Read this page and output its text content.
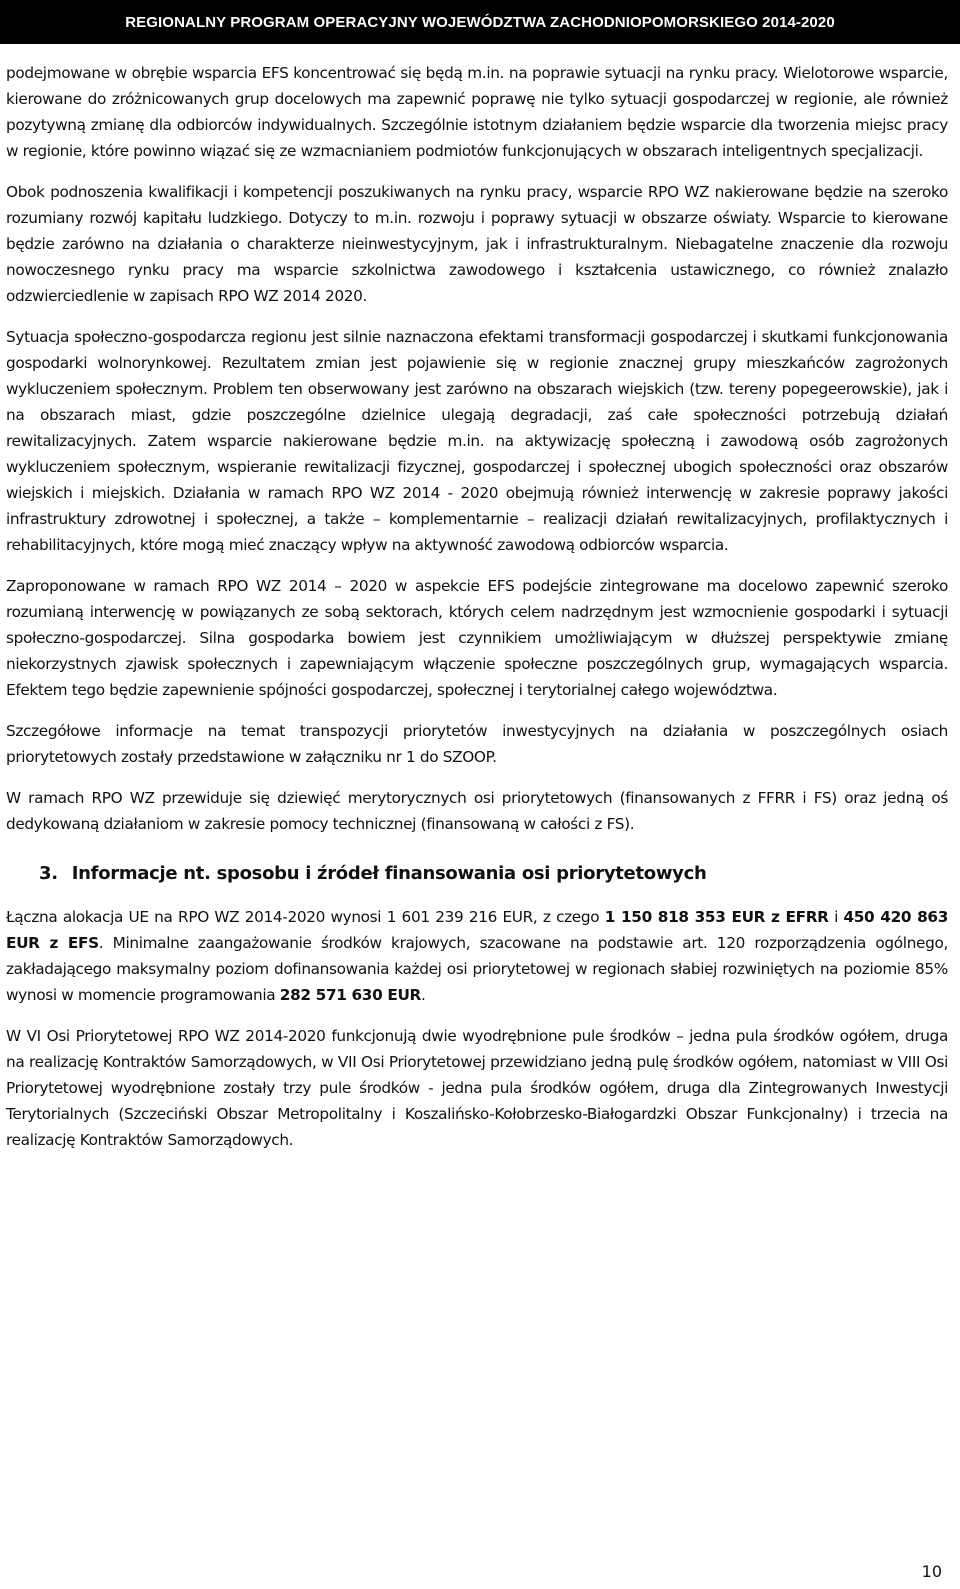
REGIONALNY PROGRAM OPERACYJNY WOJEWÓDZTWA ZACHODNIOPOMORSKIEGO 2014-2020

podejmowane w obrębie wsparcia EFS koncentrować się będą m.in. na poprawie sytuacji na rynku pracy. Wielotorowe wsparcie, kierowane do zróżnicowanych grup docelowych ma zapewnić poprawę nie tylko sytuacji gospodarczej w regionie, ale również pozytywną zmianę dla odbiorców indywidualnych. Szczególnie istotnym działaniem będzie wsparcie dla tworzenia miejsc pracy w regionie, które powinno wiązać się ze wzmacnianiem podmiotów funkcjonujących w obszarach inteligentnych specjalizacji.

Obok podnoszenia kwalifikacji i kompetencji poszukiwanych na rynku pracy, wsparcie RPO WZ nakierowane będzie na szeroko rozumiany rozwój kapitału ludzkiego. Dotyczy to m.in. rozwoju i poprawy sytuacji w obszarze oświaty. Wsparcie to kierowane będzie zarówno na działania o charakterze nieinwestycyjnym, jak i infrastrukturalnym. Niebagatelne znaczenie dla rozwoju nowoczesnego rynku pracy ma wsparcie szkolnictwa zawodowego i kształcenia ustawicznego, co również znalazło odzwierciedlenie w zapisach RPO WZ 2014 2020.

Sytuacja społeczno-gospodarcza regionu jest silnie naznaczona efektami transformacji gospodarczej i skutkami funkcjonowania gospodarki wolnorynkowej. Rezultatem zmian jest pojawienie się w regionie znacznej grupy mieszkańców zagrożonych wykluczeniem społecznym. Problem ten obserwowany jest zarówno na obszarach wiejskich (tzw. tereny popegeerowskie), jak i na obszarach miast, gdzie poszczególne dzielnice ulegają degradacji, zaś całe społeczności potrzebują działań rewitalizacyjnych. Zatem wsparcie nakierowane będzie m.in. na aktywizację społeczną i zawodową osób zagrożonych wykluczeniem społecznym, wspieranie rewitalizacji fizycznej, gospodarczej i społecznej ubogich społeczności oraz obszarów wiejskich i miejskich. Działania w ramach RPO WZ 2014 - 2020 obejmują również interwencję w zakresie poprawy jakości infrastruktury zdrowotnej i społecznej, a także – komplementarnie – realizacji działań rewitalizacyjnych, profilaktycznych i rehabilitacyjnych, które mogą mieć znaczący wpływ na aktywność zawodową odbiorców wsparcia.

Zaproponowane w ramach RPO WZ 2014 – 2020 w aspekcie EFS podejście zintegrowane ma docelowo zapewnić szeroko rozumianą interwencję w powiązanych ze sobą sektorach, których celem nadrzędnym jest wzmocnienie gospodarki i sytuacji społeczno-gospodarczej. Silna gospodarka bowiem jest czynnikiem umożliwiającym w dłuższej perspektywie zmianę niekorzystnych zjawisk społecznych i zapewniającym włączenie społeczne poszczególnych grup, wymagających wsparcia. Efektem tego będzie zapewnienie spójności gospodarczej, społecznej i terytorialnej całego województwa.

Szczegółowe informacje na temat transpozycji priorytetów inwestycyjnych na działania w poszczególnych osiach priorytetowych zostały przedstawione w załączniku nr 1 do SZOOP.

W ramach RPO WZ przewiduje się dziewięć merytorycznych osi priorytetowych (finansowanych z FFRR i FS) oraz jedną oś dedykowaną działaniom w zakresie pomocy technicznej (finansowaną w całości z FS).

3. Informacje nt. sposobu i źródeł finansowania osi priorytetowych

Łączna alokacja UE na RPO WZ 2014-2020 wynosi 1 601 239 216 EUR, z czego 1 150 818 353 EUR z EFRR i 450 420 863 EUR z EFS. Minimalne zaangażowanie środków krajowych, szacowane na podstawie art. 120 rozporządzenia ogólnego, zakładającego maksymalny poziom dofinansowania każdej osi priorytetowej w regionach słabiej rozwiniętych na poziomie 85% wynosi w momencie programowania 282 571 630 EUR.

W VI Osi Priorytetowej RPO WZ 2014-2020 funkcjonują dwie wyodrębnione pule środków – jedna pula środków ogółem, druga na realizację Kontraktów Samorządowych, w VII Osi Priorytetowej przewidziano jedną pulę środków ogółem, natomiast w VIII Osi Priorytetowej wyodrębnione zostały trzy pule środków - jedna pula środków ogółem, druga dla Zintegrowanych Inwestycji Terytorialnych (Szczeciński Obszar Metropolitalny i Koszalińsko-Kołobrzesko-Białogardzki Obszar Funkcjonalny) i trzecia na realizację Kontraktów Samorządowych.

10
